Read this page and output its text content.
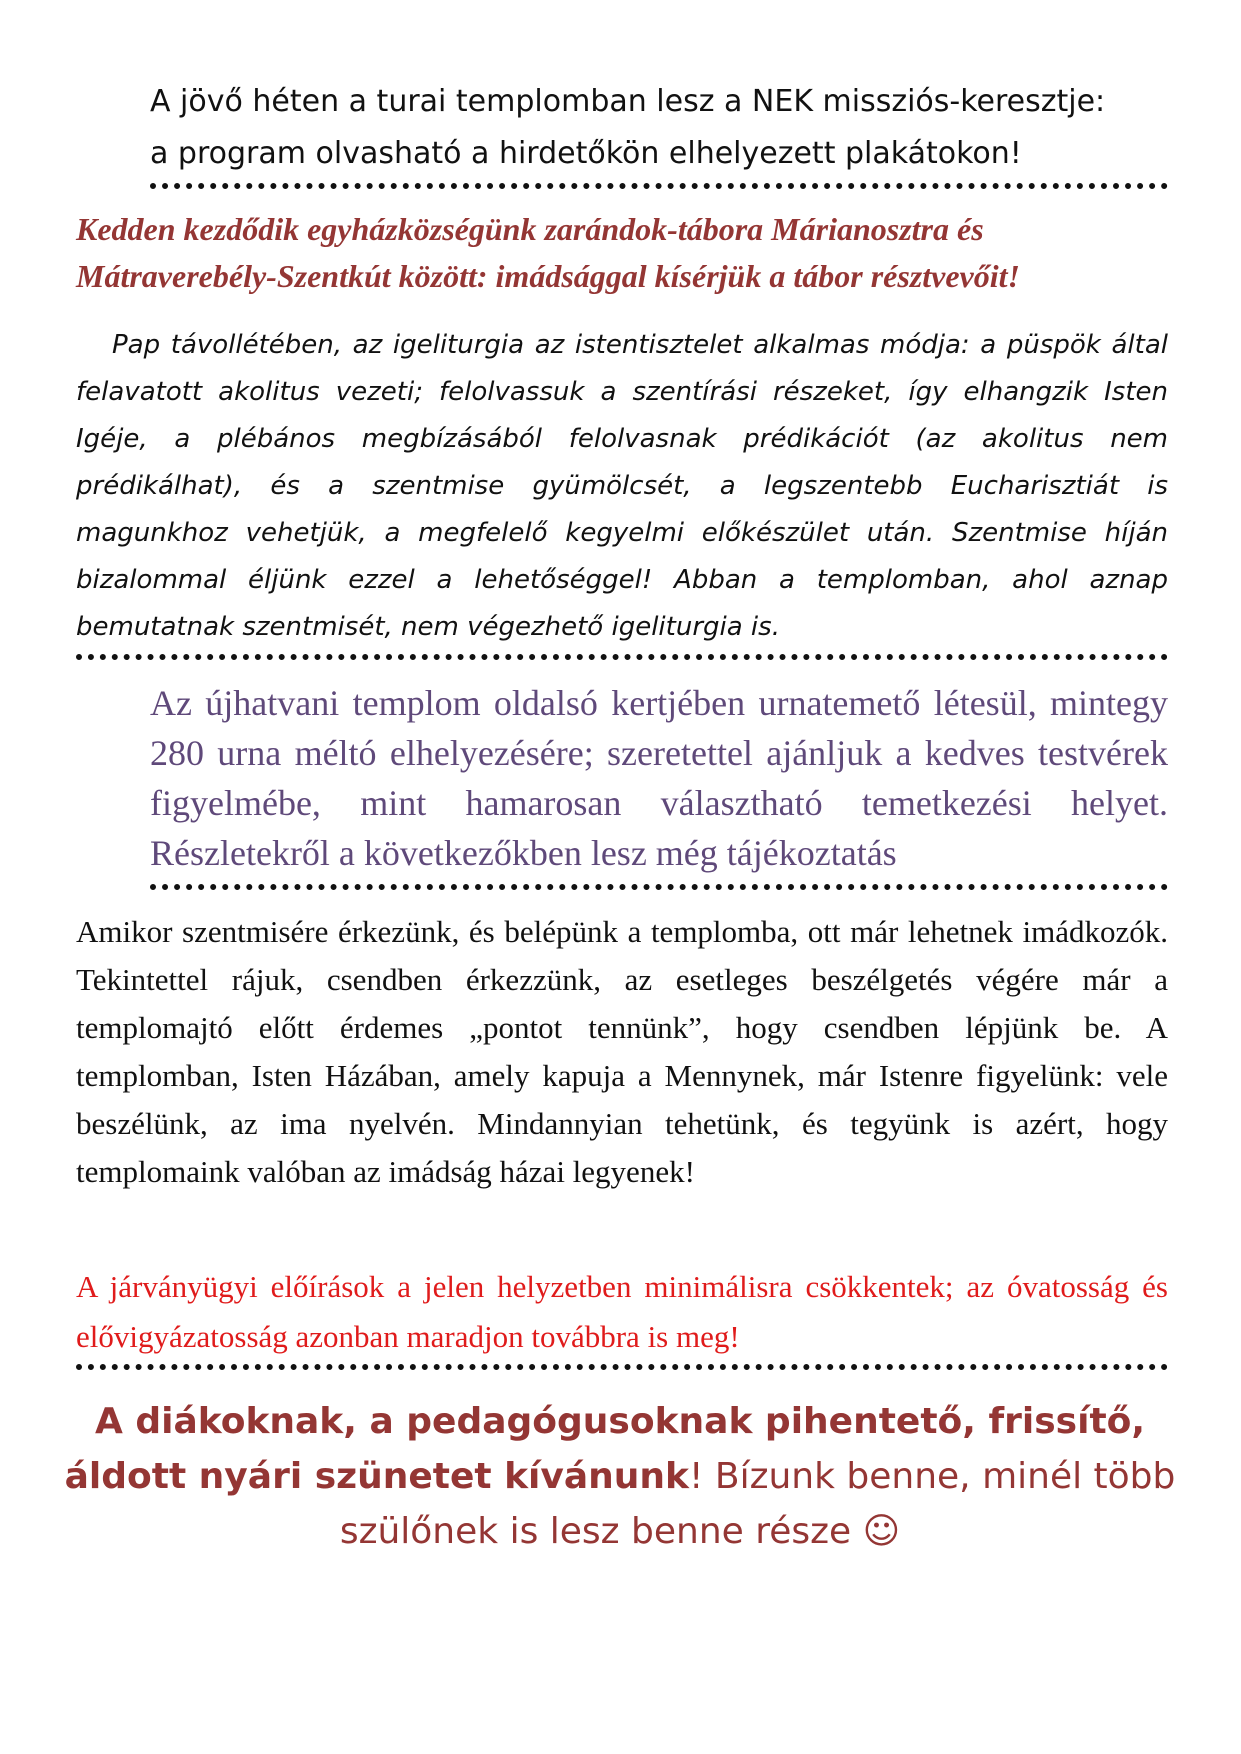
A jövő héten a turai templomban lesz a NEK missziós-keresztje:

a program olvasható a hirdetőkön elhelyezett plakátokon!

Kedden kezdődik egyházközségünk zarándok-tábora Márianosztra és Mátraverebély-Szentkút között: imádsággal kísérjük a tábor résztvevőit!

Pap távollétében, az igeliturgia az istentisztelet alkalmas módja: a püspök által felavatott akolitus vezeti; felolvassuk a szentírási részeket, így elhangzik Isten Igéje, a plébános megbízásából felolvasnak prédikációt (az akolitus nem prédikálhat), és a szentmise gyümölcsét, a legszentebb Eucharisztiát is magunkhoz vehetjük, a megfelelő kegyelmi előkészület után. Szentmise híján bizalommal éljünk ezzel a lehetőséggel! Abban a templomban, ahol aznap bemutatnak szentmisét, nem végezhető igeliturgia is.

Az újhatvani templom oldalsó kertjében urnatemető létesül, mintegy 280 urna méltó elhelyezésére; szeretettel ajánljuk a kedves testvérek figyelmébe, mint hamarosan választható temetkezési helyet. Részletekről a következőkben lesz még tájékoztatás

Amikor szentmisére érkezünk, és belépünk a templomba, ott már lehetnek imádkozók. Tekintettel rájuk, csendben érkezzünk, az esetleges beszélgetés végére már a templomajtó előtt érdemes „pontot tennünk”, hogy csendben lépjünk be. A templomban, Isten Házában, amely kapuja a Mennynek, már Istenre figyelünk: vele beszélünk, az ima nyelvén. Mindannyian tehetünk, és tegyünk is azért, hogy templomaink valóban az imádság házai legyenek!

A járványügyi előírások a jelen helyzetben minimálisra csökkentek; az óvatosság és elővigyázatosság azonban maradjon továbbra is meg!

A diákoknak, a pedagógusoknak pihentető, frissítő,
áldott nyári szünetet kívánunk! Bízunk benne, minél több szülőnek is lesz benne része ☺
